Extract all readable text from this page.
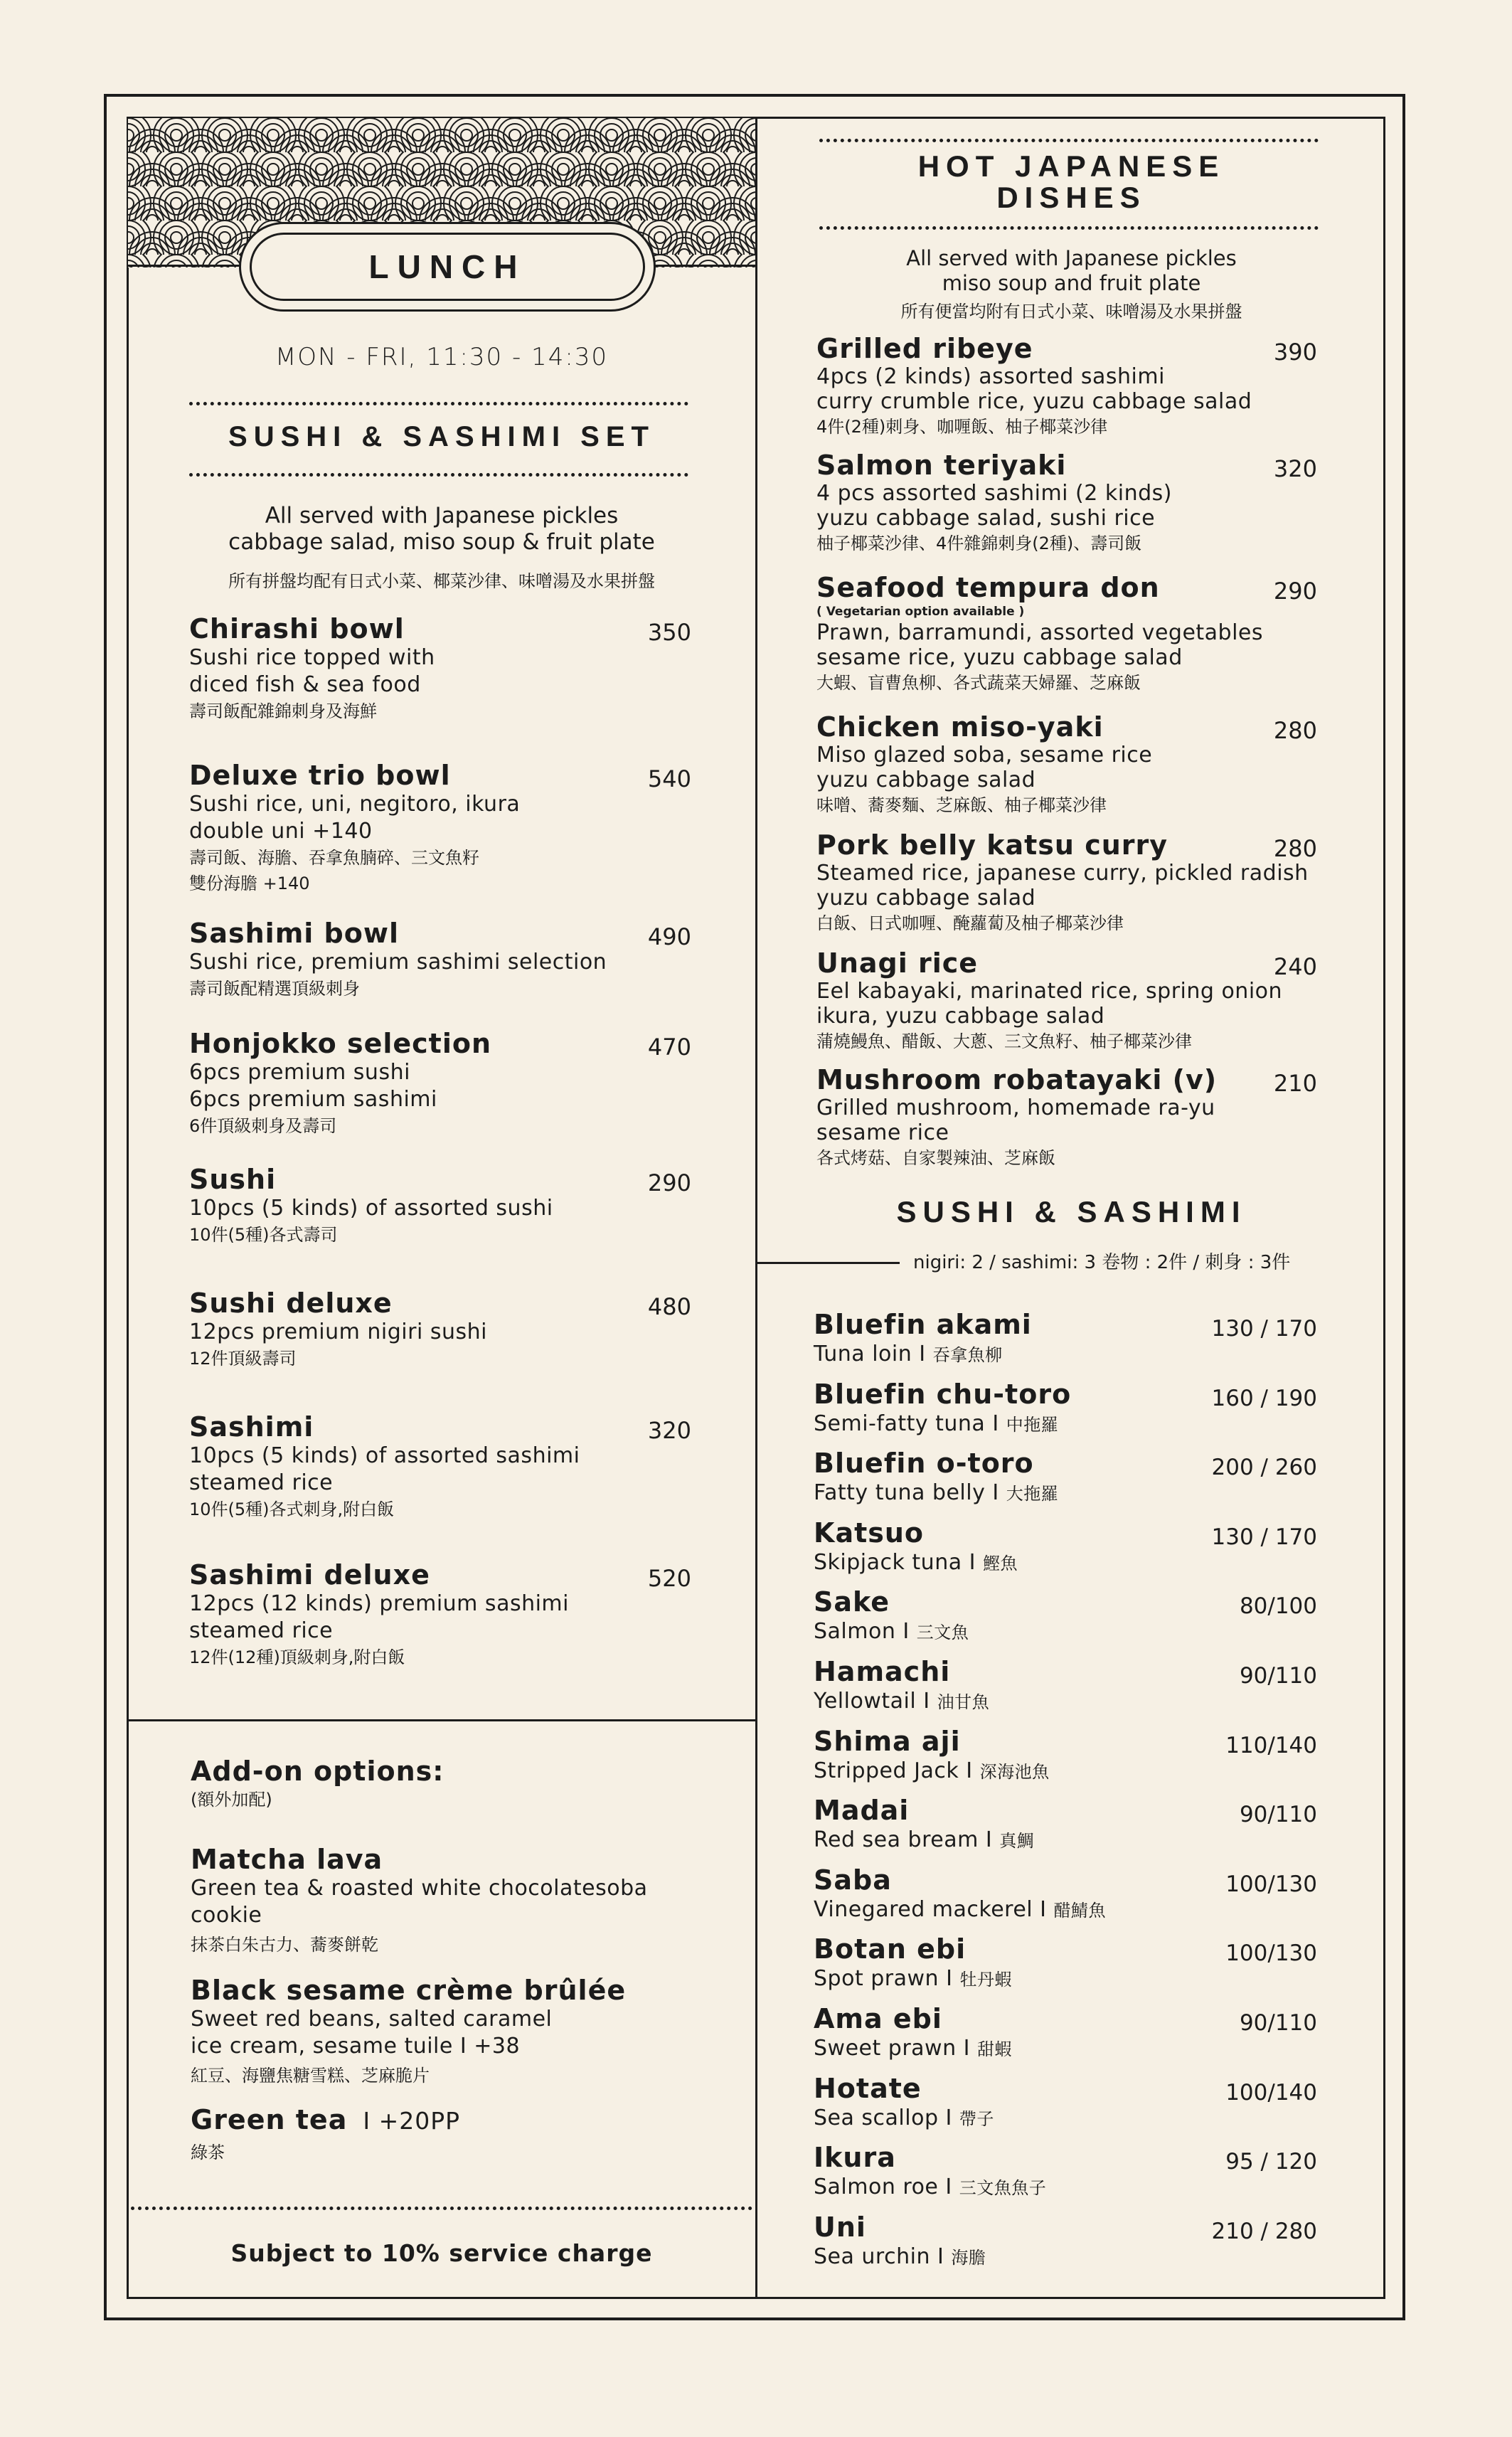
LUNCH
MON - FRI, 11:30 - 14:30
SUSHI & SASHIMI SET
All served with Japanese pickles
cabbage salad, miso soup & fruit plate
所有拼盤均配有日式小菜、椰菜沙律、味噌湯及水果拼盤
Chirashi bowl
Sushi rice topped with
diced fish & sea food
壽司飯配雜錦刺身及海鮮
350
Deluxe trio bowl
Sushi rice, uni, negitoro, ikura
double uni +140
壽司飯、海膽、吞拿魚腩碎、三文魚籽
雙份海膽 +140
540
Sashimi bowl
Sushi rice, premium sashimi selection
壽司飯配精選頂級刺身
490
Honjokko selection
6pcs premium sushi
6pcs premium sashimi
6件頂級刺身及壽司
470
Sushi
10pcs (5 kinds) of assorted sushi
10件(5種)各式壽司
290
Sushi deluxe
12pcs premium nigiri sushi
12件頂級壽司
480
Sashimi
10pcs (5 kinds) of assorted sashimi
steamed rice
10件(5種)各式刺身,附白飯
320
Sashimi deluxe
12pcs (12 kinds) premium sashimi
steamed rice
12件(12種)頂級刺身,附白飯
520
Add-on options:
(額外加配)
Matcha lava
Green tea & roasted white chocolatesoba
cookie
抹茶白朱古力、蕎麥餅乾
Black sesame crème brûlée
Sweet red beans, salted caramel
ice cream, sesame tuile I +38
紅豆、海鹽焦糖雪糕、芝麻脆片
Green tea I +20PP
綠茶
Subject to 10% service charge
HOT JAPANESE
DISHES
All served with Japanese pickles
miso soup and fruit plate
所有便當均附有日式小菜、味噌湯及水果拼盤
Grilled ribeye
4pcs (2 kinds) assorted sashimi
curry crumble rice, yuzu cabbage salad
4件(2種)刺身、咖喱飯、柚子椰菜沙律
390
Salmon teriyaki
4 pcs assorted sashimi (2 kinds)
yuzu cabbage salad, sushi rice
柚子椰菜沙律、4件雜錦刺身(2種)、壽司飯
320
Seafood tempura don
( Vegetarian option available )
Prawn, barramundi, assorted vegetables
sesame rice, yuzu cabbage salad
大蝦、盲曹魚柳、各式蔬菜天婦羅、芝麻飯
290
Chicken miso-yaki
Miso glazed soba, sesame rice
yuzu cabbage salad
味噌、蕎麥麵、芝麻飯、柚子椰菜沙律
280
Pork belly katsu curry
Steamed rice, japanese curry, pickled radish
yuzu cabbage salad
白飯、日式咖喱、醃蘿蔔及柚子椰菜沙律
280
Unagi rice
Eel kabayaki, marinated rice, spring onion
ikura, yuzu cabbage salad
蒲燒鰻魚、醋飯、大蔥、三文魚籽、柚子椰菜沙律
240
Mushroom robatayaki (v)
Grilled mushroom, homemade ra-yu
sesame rice
各式烤菇、自家製辣油、芝麻飯
210
SUSHI & SASHIMI
nigiri: 2 / sashimi: 3 卷物 : 2件 / 刺身 : 3件
Bluefin akami
Tuna loin I 吞拿魚柳
130 / 170
Bluefin chu-toro
Semi-fatty tuna I 中拖羅
160 / 190
Bluefin o-toro
Fatty tuna belly I 大拖羅
200 / 260
Katsuo
Skipjack tuna I 鰹魚
130 / 170
Sake
Salmon I 三文魚
80/100
Hamachi
Yellowtail I 油甘魚
90/110
Shima aji
Stripped Jack I 深海池魚
110/140
Madai
Red sea bream I 真鯛
90/110
Saba
Vinegared mackerel I 醋鯖魚
100/130
Botan ebi
Spot prawn I 牡丹蝦
100/130
Ama ebi
Sweet prawn I 甜蝦
90/110
Hotate
Sea scallop I 帶子
100/140
Ikura
Salmon roe I 三文魚魚子
95 / 120
Uni
Sea urchin I 海膽
210 / 280
